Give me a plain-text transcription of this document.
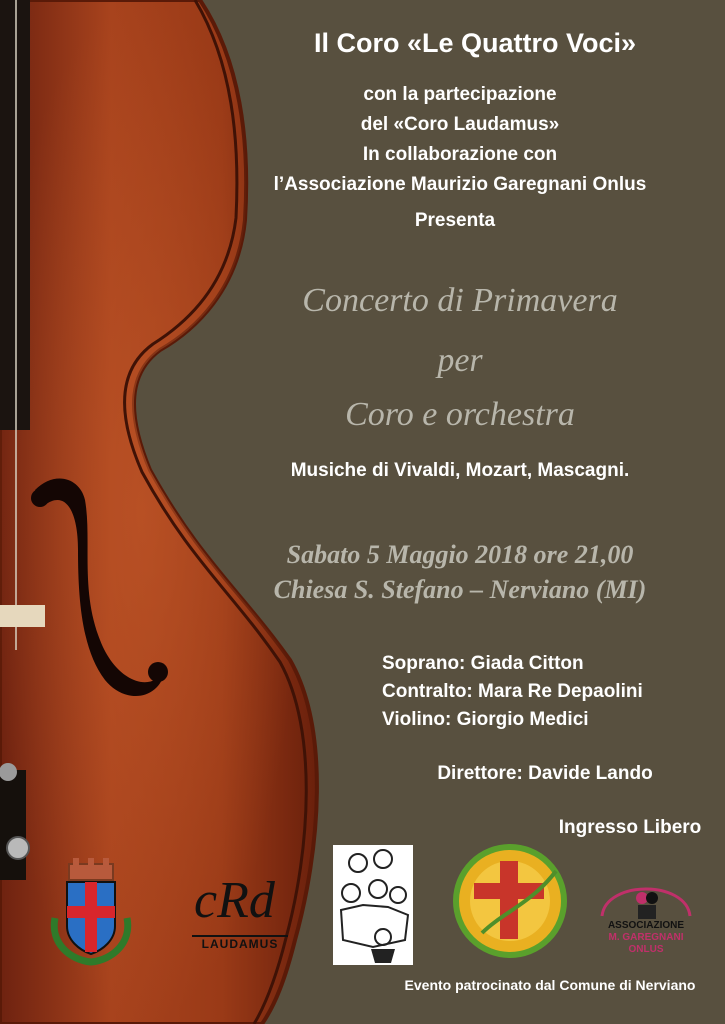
Il Coro «Le Quattro Voci»
con la partecipazione
del «Coro Laudamus»
In collaborazione con
l’Associazione Maurizio Garegnani Onlus
Presenta
Concerto di Primavera
per
Coro e orchestra
Musiche di Vivaldi, Mozart, Mascagni.
Sabato 5 Maggio 2018 ore 21,00
Chiesa S. Stefano – Nerviano (MI)
Soprano: Giada Citton
Contralto: Mara Re Depaolini
Violino: Giorgio Medici
Direttore: Davide Lando
Ingresso Libero
cRd
LAUDAMUS
ASSOCIAZIONE
M. GAREGNANI ONLUS
Evento patrocinato dal Comune di Nerviano
